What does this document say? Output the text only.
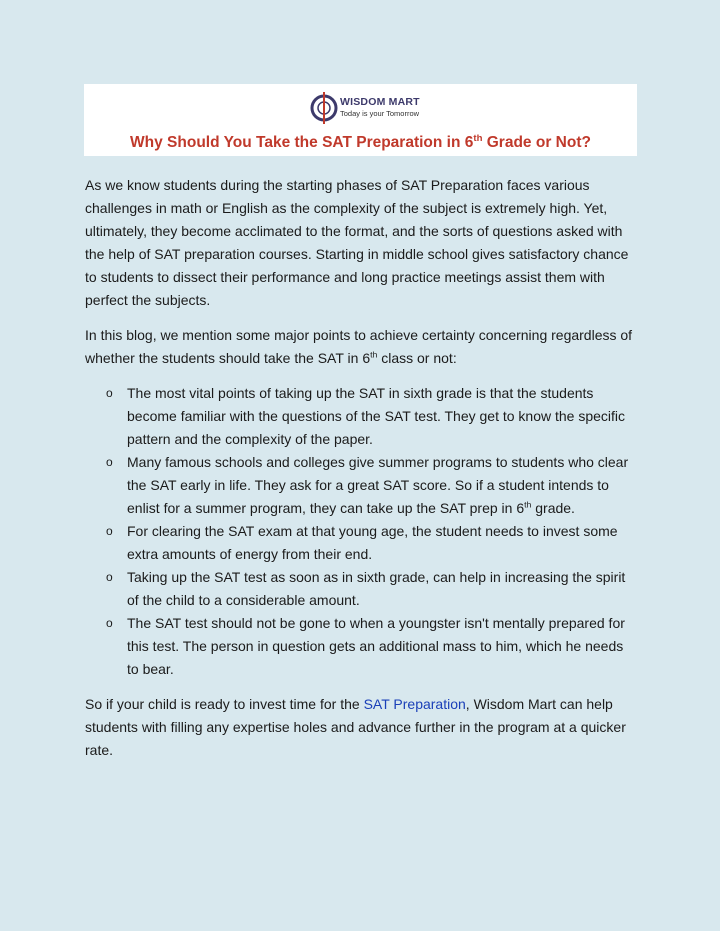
WISDOM MART
Today is your Tomorrow
Why Should You Take the SAT Preparation in 6th Grade or Not?

As we know students during the starting phases of SAT Preparation faces various challenges in math or English as the complexity of the subject is extremely high. Yet, ultimately, they become acclimated to the format, and the sorts of questions asked with the help of SAT preparation courses. Starting in middle school gives satisfactory chance to students to dissect their performance and long practice meetings assist them with perfect the subjects.

In this blog, we mention some major points to achieve certainty concerning regardless of whether the students should take the SAT in 6th class or not:

o The most vital points of taking up the SAT in sixth grade is that the students become familiar with the questions of the SAT test. They get to know the specific pattern and the complexity of the paper.
o Many famous schools and colleges give summer programs to students who clear the SAT early in life. They ask for a great SAT score. So if a student intends to enlist for a summer program, they can take up the SAT prep in 6th grade.
o For clearing the SAT exam at that young age, the student needs to invest some extra amounts of energy from their end.
o Taking up the SAT test as soon as in sixth grade, can help in increasing the spirit of the child to a considerable amount.
o The SAT test should not be gone to when a youngster isn't mentally prepared for this test. The person in question gets an additional mass to him, which he needs to bear.

So if your child is ready to invest time for the SAT Preparation, Wisdom Mart can help students with filling any expertise holes and advance further in the program at a quicker rate.
